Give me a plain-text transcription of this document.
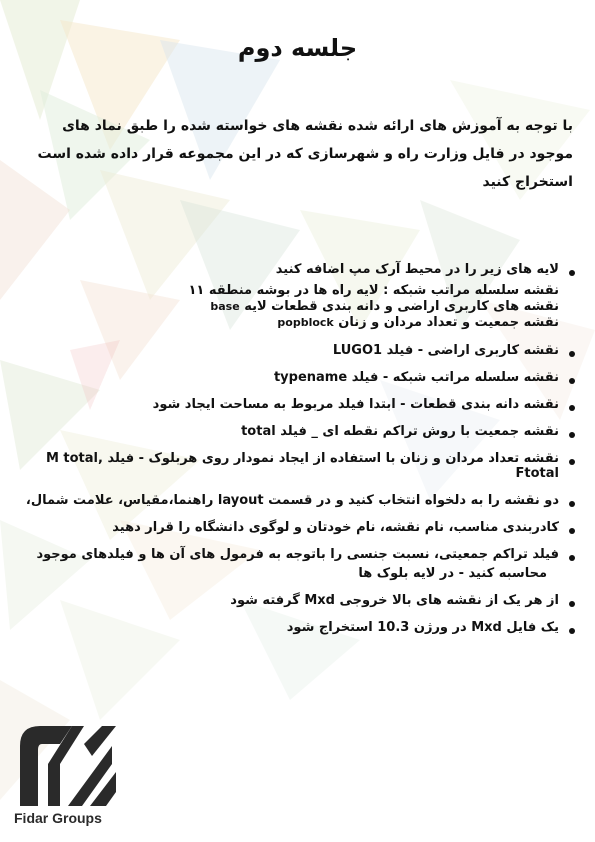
جلسه دوم
با توجه به آموزش های ارائه شده نقشه های خواسته شده را طبق نماد های موجود در فایل وزارت راه و شهرسازی که در این مجموعه قرار داده شده است استخراج کنید
لایه های زیر را در محیط آرک مپ اضافه کنید
نقشه سلسله مراتب شبکه : لایه راه ها در بوشه منطقه ۱۱
نقشه های کاربری اراضی و دانه بندی قطعات لایه base
نقشه جمعیت و تعداد مردان و زنان popblock
نقشه کاربری اراضی - فیلد LUGO1
نقشه سلسله مراتب شبکه - فیلد typename
نقشه دانه بندی قطعات - ابتدا فیلد مربوط به مساحت ایجاد شود
نقشه جمعیت با روش تراکم نقطه ای _ فیلد total
نقشه تعداد مردان و زنان با استفاده از ایجاد نمودار روی هربلوک - فیلد M total, Ftotal
دو نقشه را به دلخواه انتخاب کنید و در قسمت layout راهنما،مقیاس، علامت شمال،
کادربندی مناسب، نام نقشه، نام خودتان و لوگوی دانشگاه را قرار دهید
فیلد تراکم جمعیتی، نسبت جنسی را باتوجه به فرمول های آن ها و فیلدهای موجود
محاسبه کنید - در لایه بلوک ها
از هر یک از نقشه های بالا خروجی Mxd گرفته شود
یک فایل Mxd در ورژن 10.3 استخراج شود
Fidar Groups
